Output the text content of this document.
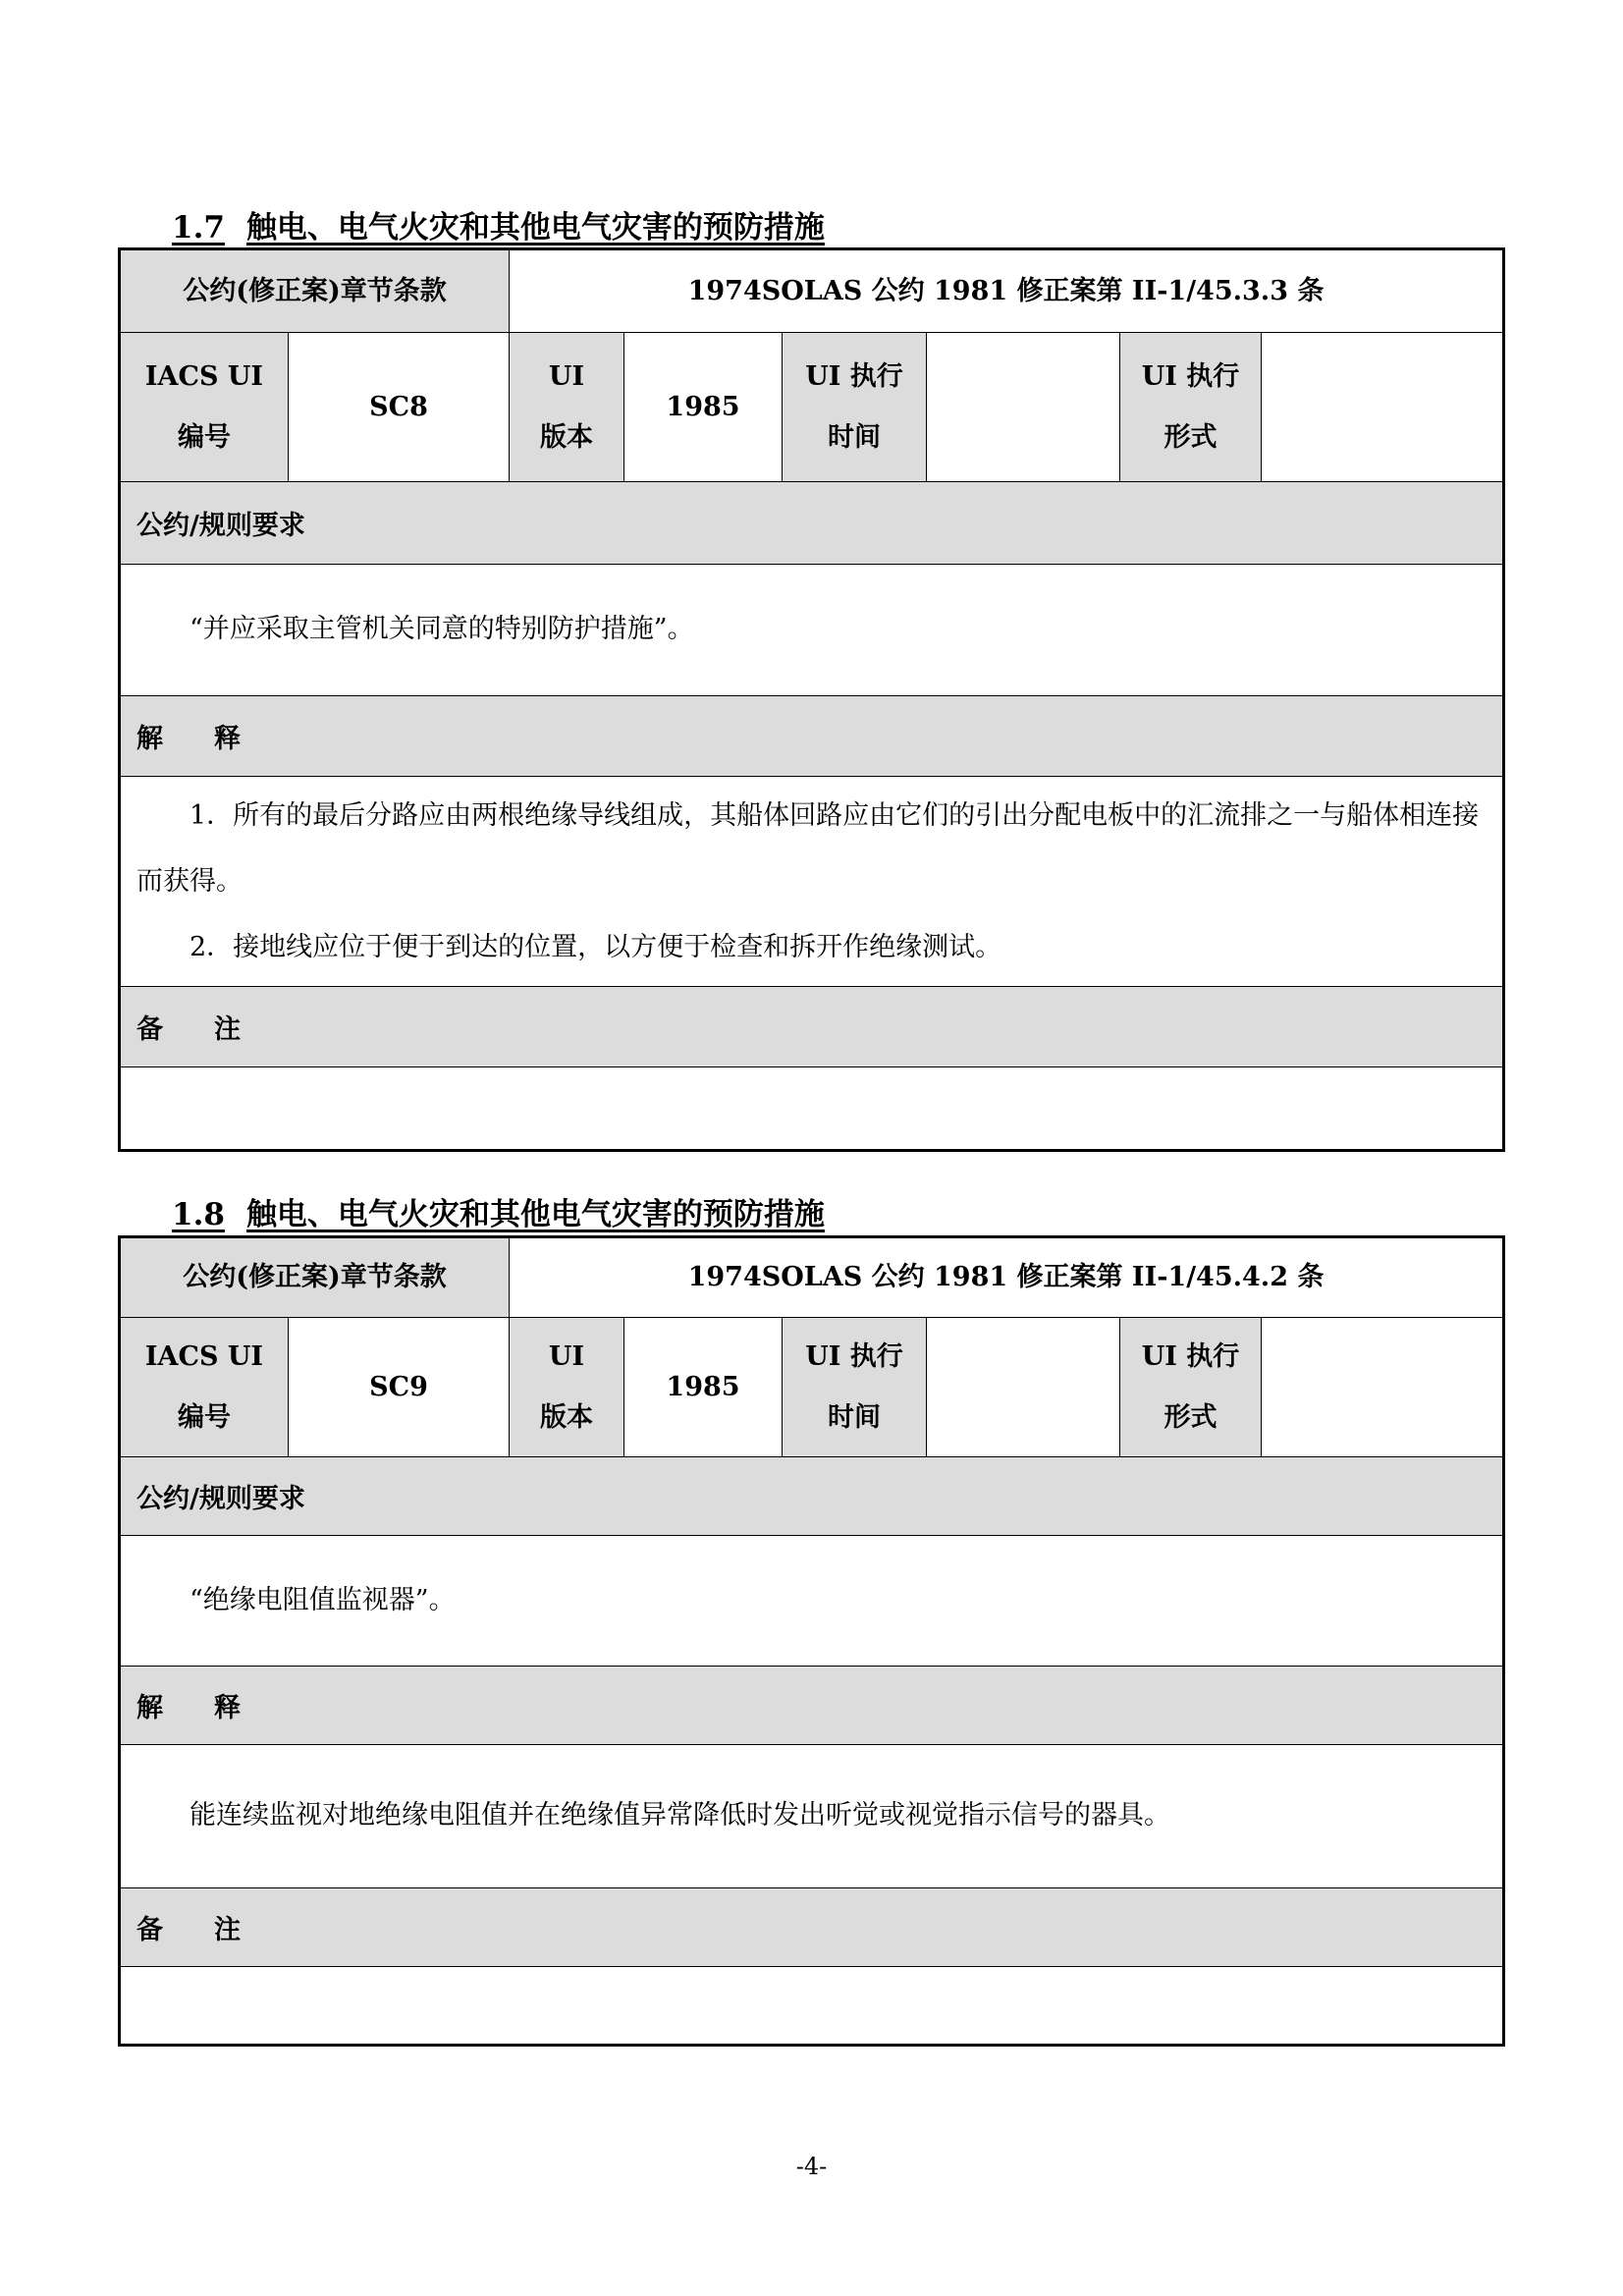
1.7 触电、电气火灾和其他电气灾害的预防措施
公约(修正案)章节条款	1974SOLAS 公约 1981 修正案第 II-1/45.3.3 条
IACS UI
编号
SC8
UI
版本
1985
UI 执行
时间
UI 执行
形式
公约/规则要求
“并应采取主管机关同意的特别防护措施”。
解 释
1．所有的最后分路应由两根绝缘导线组成，其船体回路应由它们的引出分配电板中的汇流排之一与船体相连接而获得。
2．接地线应位于便于到达的位置，以方便于检查和拆开作绝缘测试。
备 注
1.8 触电、电气火灾和其他电气灾害的预防措施
公约(修正案)章节条款	1974SOLAS 公约 1981 修正案第 II-1/45.4.2 条
IACS UI
编号
SC9
UI
版本
1985
UI 执行
时间
UI 执行
形式
公约/规则要求
“绝缘电阻值监视器”。
解 释
能连续监视对地绝缘电阻值并在绝缘值异常降低时发出听觉或视觉指示信号的器具。
备 注
-4-
